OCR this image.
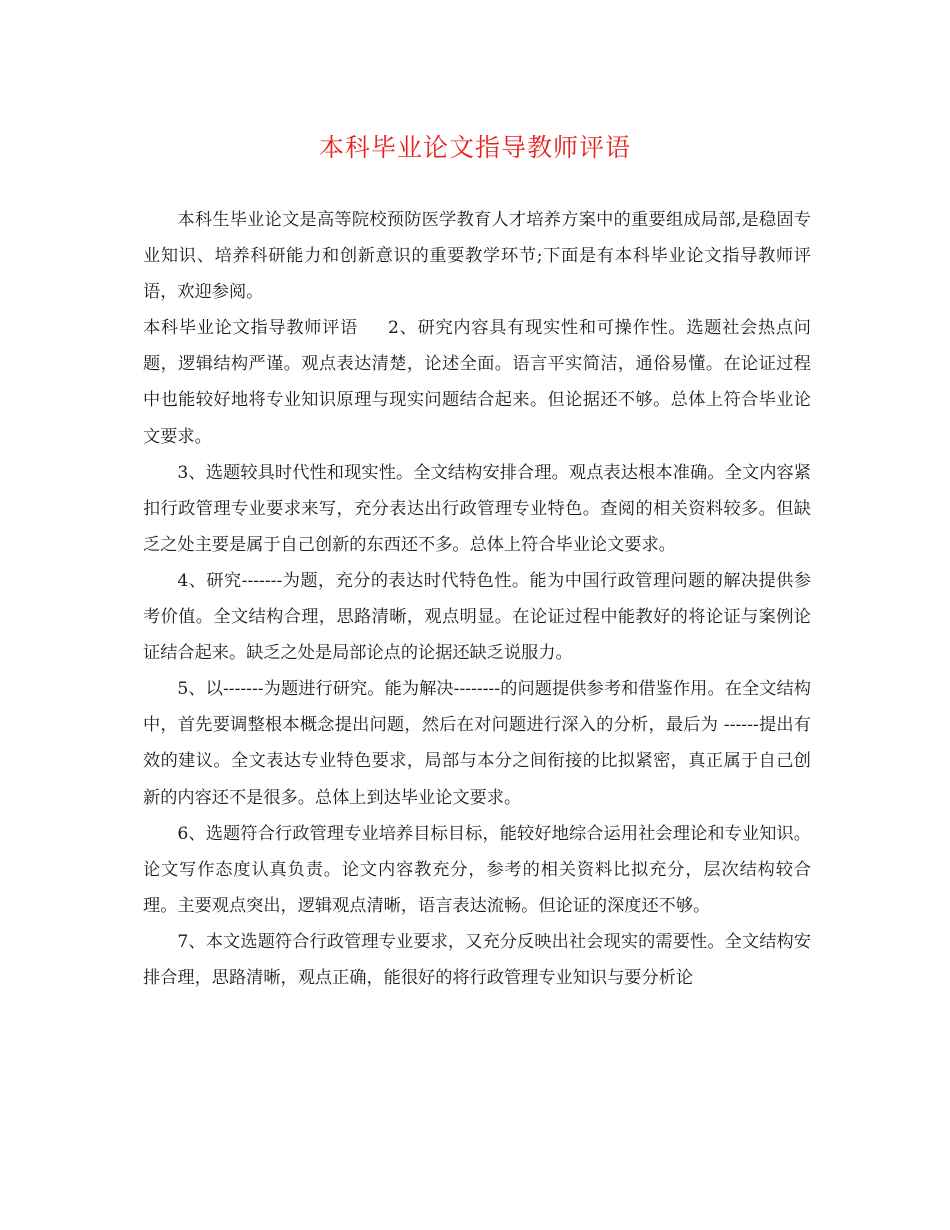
本科毕业论文指导教师评语

本科生毕业论文是高等院校预防医学教育人才培养方案中的重要组成局部,是稳固专业知识、培养科研能力和创新意识的重要教学环节;下面是有本科毕业论文指导教师评语，欢迎参阅。

本科毕业论文指导教师评语 2、研究内容具有现实性和可操作性。选题社会热点问题，逻辑结构严谨。观点表达清楚，论述全面。语言平实简洁，通俗易懂。在论证过程中也能较好地将专业知识原理与现实问题结合起来。但论据还不够。总体上符合毕业论文要求。

3、选题较具时代性和现实性。全文结构安排合理。观点表达根本准确。全文内容紧扣行政管理专业要求来写，充分表达出行政管理专业特色。查阅的相关资料较多。但缺乏之处主要是属于自己创新的东西还不多。总体上符合毕业论文要求。

4、研究-------为题，充分的表达时代特色性。能为中国行政管理问题的解决提供参考价值。全文结构合理，思路清晰，观点明显。在论证过程中能教好的将论证与案例论证结合起来。缺乏之处是局部论点的论据还缺乏说服力。

5、以-------为题进行研究。能为解决--------的问题提供参考和借鉴作用。在全文结构中，首先要调整根本概念提出问题，然后在对问题进行深入的分析，最后为 ------提出有效的建议。全文表达专业特色要求，局部与本分之间衔接的比拟紧密，真正属于自己创新的内容还不是很多。总体上到达毕业论文要求。

6、选题符合行政管理专业培养目标目标，能较好地综合运用社会理论和专业知识。论文写作态度认真负责。论文内容教充分，参考的相关资料比拟充分，层次结构较合理。主要观点突出，逻辑观点清晰，语言表达流畅。但论证的深度还不够。

7、本文选题符合行政管理专业要求，又充分反映出社会现实的需要性。全文结构安排合理，思路清晰，观点正确，能很好的将行政管理专业知识与要分析论
